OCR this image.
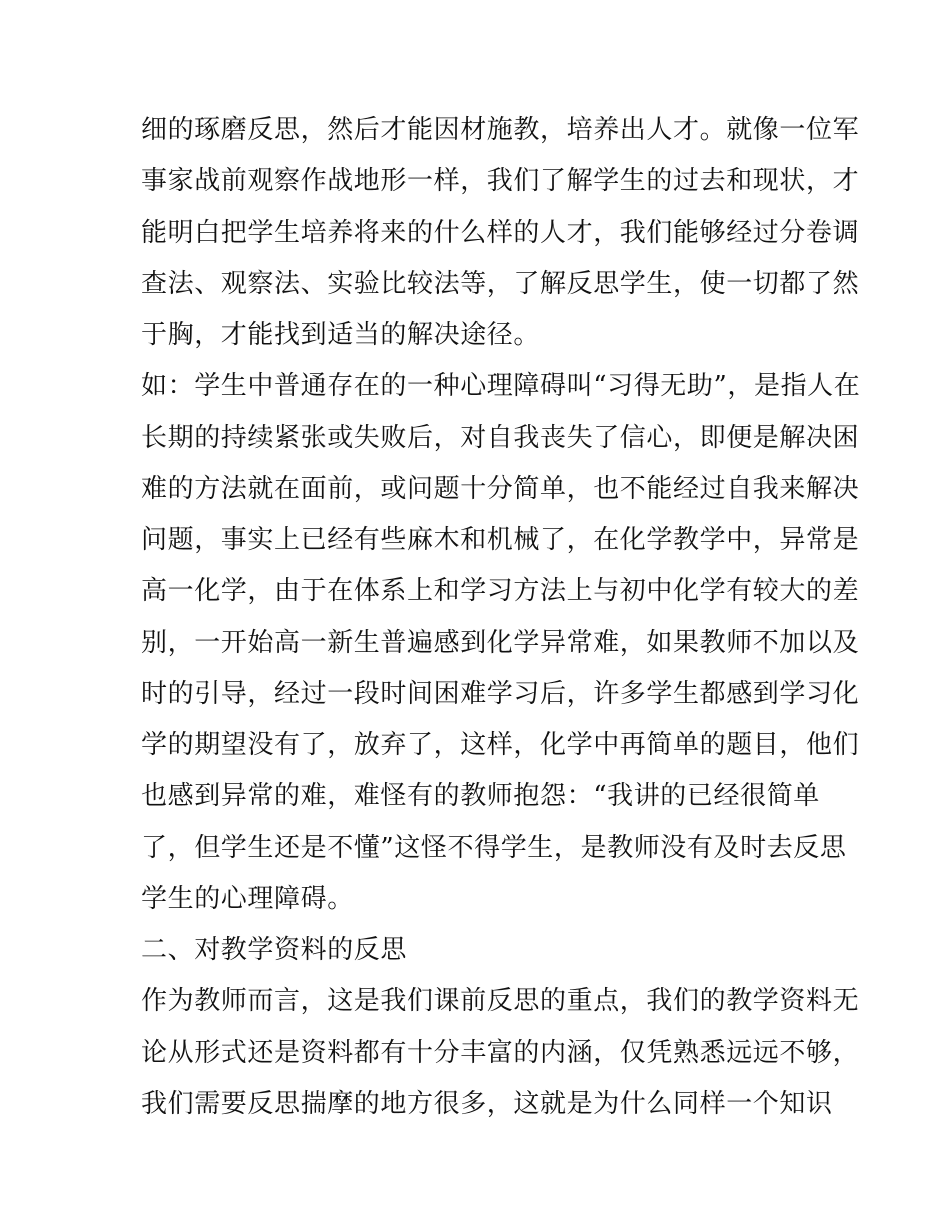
细的琢磨反思，然后才能因材施教，培养出人才。就像一位军
事家战前观察作战地形一样，我们了解学生的过去和现状，才
能明白把学生培养将来的什么样的人才，我们能够经过分卷调
查法、观察法、实验比较法等，了解反思学生，使一切都了然
于胸，才能找到适当的解决途径。
如：学生中普通存在的一种心理障碍叫“习得无助”，是指人在
长期的持续紧张或失败后，对自我丧失了信心，即便是解决困
难的方法就在面前，或问题十分简单，也不能经过自我来解决
问题，事实上已经有些麻木和机械了，在化学教学中，异常是
高一化学，由于在体系上和学习方法上与初中化学有较大的差
别，一开始高一新生普遍感到化学异常难，如果教师不加以及
时的引导，经过一段时间困难学习后，许多学生都感到学习化
学的期望没有了，放弃了，这样，化学中再简单的题目，他们
也感到异常的难，难怪有的教师抱怨：“我讲的已经很简单
了，但学生还是不懂”这怪不得学生，是教师没有及时去反思
学生的心理障碍。
二、对教学资料的反思
作为教师而言，这是我们课前反思的重点，我们的教学资料无
论从形式还是资料都有十分丰富的内涵，仅凭熟悉远远不够，
我们需要反思揣摩的地方很多，这就是为什么同样一个知识
